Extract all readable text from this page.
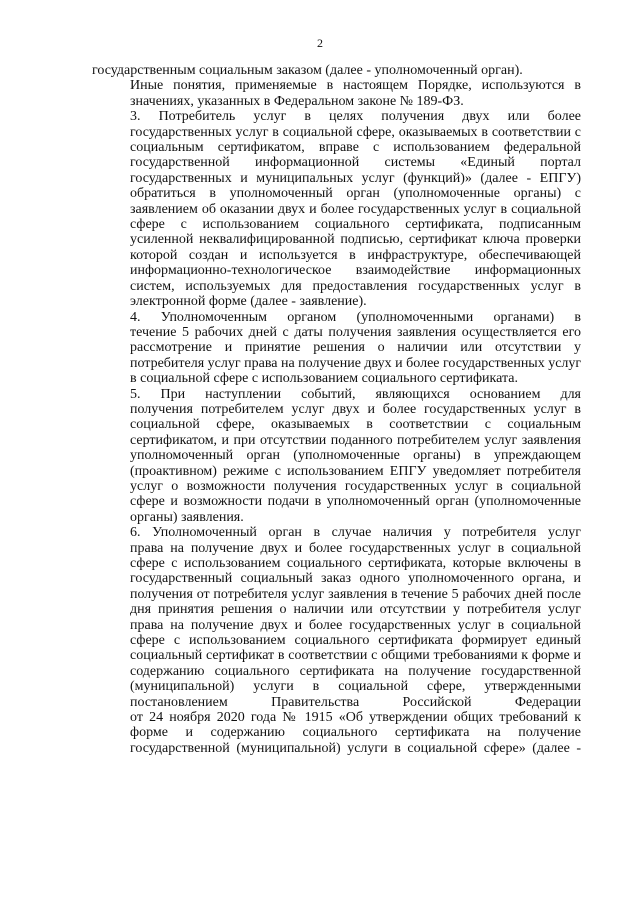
2

государственным социальным заказом (далее - уполномоченный орган).

Иные понятия, применяемые в настоящем Порядке, используются в
значениях, указанных в Федеральном законе № 189-ФЗ.

3. Потребитель услуг в целях получения двух или более
государственных услуг в социальной сфере, оказываемых в соответствии с
социальным сертификатом, вправе с использованием федеральной
государственной информационной системы «Единый портал
государственных и муниципальных услуг (функций)» (далее - ЕПГУ)
обратиться в уполномоченный орган (уполномоченные органы) с
заявлением об оказании двух и более государственных услуг в социальной
сфере с использованием социального сертификата, подписанным
усиленной неквалифицированной подписью, сертификат ключа проверки
которой создан и используется в инфраструктуре, обеспечивающей
информационно-технологическое взаимодействие информационных
систем, используемых для предоставления государственных услуг в
электронной форме (далее - заявление).

4. Уполномоченным органом (уполномоченными органами) в
течение 5 рабочих дней с даты получения заявления осуществляется его
рассмотрение и принятие решения о наличии или отсутствии у
потребителя услуг права на получение двух и более государственных услуг
в социальной сфере с использованием социального сертификата.

5. При наступлении событий, являющихся основанием для
получения потребителем услуг двух и более государственных услуг в
социальной сфере, оказываемых в соответствии с социальным
сертификатом, и при отсутствии поданного потребителем услуг заявления
уполномоченный орган (уполномоченные органы) в упреждающем
(проактивном) режиме с использованием ЕПГУ уведомляет потребителя
услуг о возможности получения государственных услуг в социальной
сфере и возможности подачи в уполномоченный орган (уполномоченные
органы) заявления.

6. Уполномоченный орган в случае наличия у потребителя услуг
права на получение двух и более государственных услуг в социальной
сфере с использованием социального сертификата, которые включены в
государственный социальный заказ одного уполномоченного органа, и
получения от потребителя услуг заявления в течение 5 рабочих дней после
дня принятия решения о наличии или отсутствии у потребителя услуг
права на получение двух и более государственных услуг в социальной
сфере с использованием социального сертификата формирует единый
социальный сертификат в соответствии с общими требованиями к форме и
содержанию социального сертификата на получение государственной
(муниципальной) услуги в социальной сфере, утвержденными
постановлением Правительства Российской Федерации
от 24 ноября 2020 года № 1915 «Об утверждении общих требований к
форме и содержанию социального сертификата на получение
государственной (муниципальной) услуги в социальной сфере» (далее -
